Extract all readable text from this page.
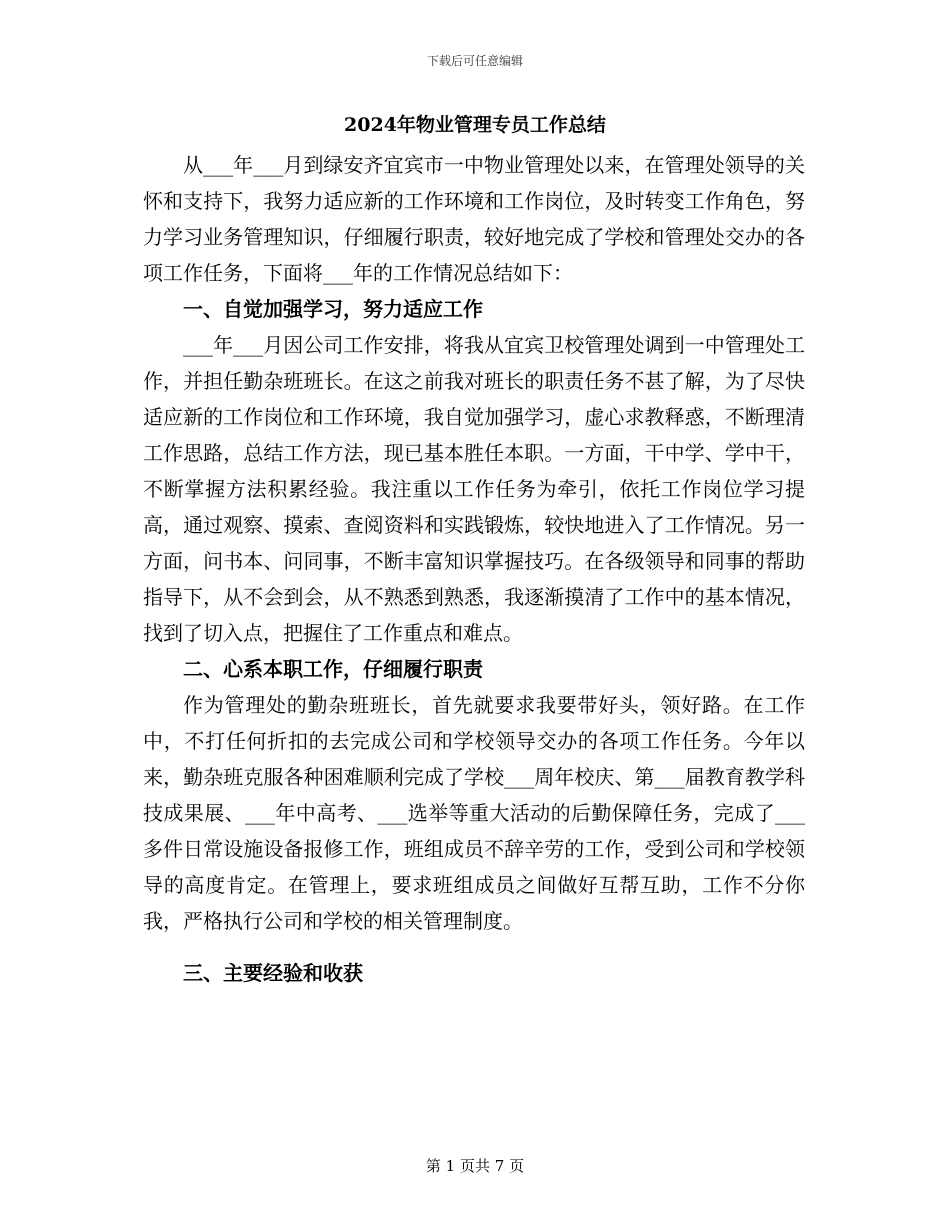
下载后可任意编辑
2024年物业管理专员工作总结

从___年___月到绿安齐宜宾市一中物业管理处以来，在管理处领导的关怀和支持下，我努力适应新的工作环境和工作岗位，及时转变工作角色，努力学习业务管理知识，仔细履行职责，较好地完成了学校和管理处交办的各项工作任务，下面将___年的工作情况总结如下：

一、自觉加强学习，努力适应工作

___年___月因公司工作安排，将我从宜宾卫校管理处调到一中管理处工作，并担任勤杂班班长。在这之前我对班长的职责任务不甚了解，为了尽快适应新的工作岗位和工作环境，我自觉加强学习，虚心求教释惑，不断理清工作思路，总结工作方法，现已基本胜任本职。一方面，干中学、学中干，不断掌握方法积累经验。我注重以工作任务为牵引，依托工作岗位学习提高，通过观察、摸索、查阅资料和实践锻炼，较快地进入了工作情况。另一方面，问书本、问同事，不断丰富知识掌握技巧。在各级领导和同事的帮助指导下，从不会到会，从不熟悉到熟悉，我逐渐摸清了工作中的基本情况，找到了切入点，把握住了工作重点和难点。

二、心系本职工作，仔细履行职责

作为管理处的勤杂班班长，首先就要求我要带好头，领好路。在工作中，不打任何折扣的去完成公司和学校领导交办的各项工作任务。今年以来，勤杂班克服各种困难顺利完成了学校___周年校庆、第___届教育教学科技成果展、___年中高考、___选举等重大活动的后勤保障任务，完成了___多件日常设施设备报修工作，班组成员不辞辛劳的工作，受到公司和学校领导的高度肯定。在管理上，要求班组成员之间做好互帮互助，工作不分你我，严格执行公司和学校的相关管理制度。

三、主要经验和收获
第 1 页共 7 页
